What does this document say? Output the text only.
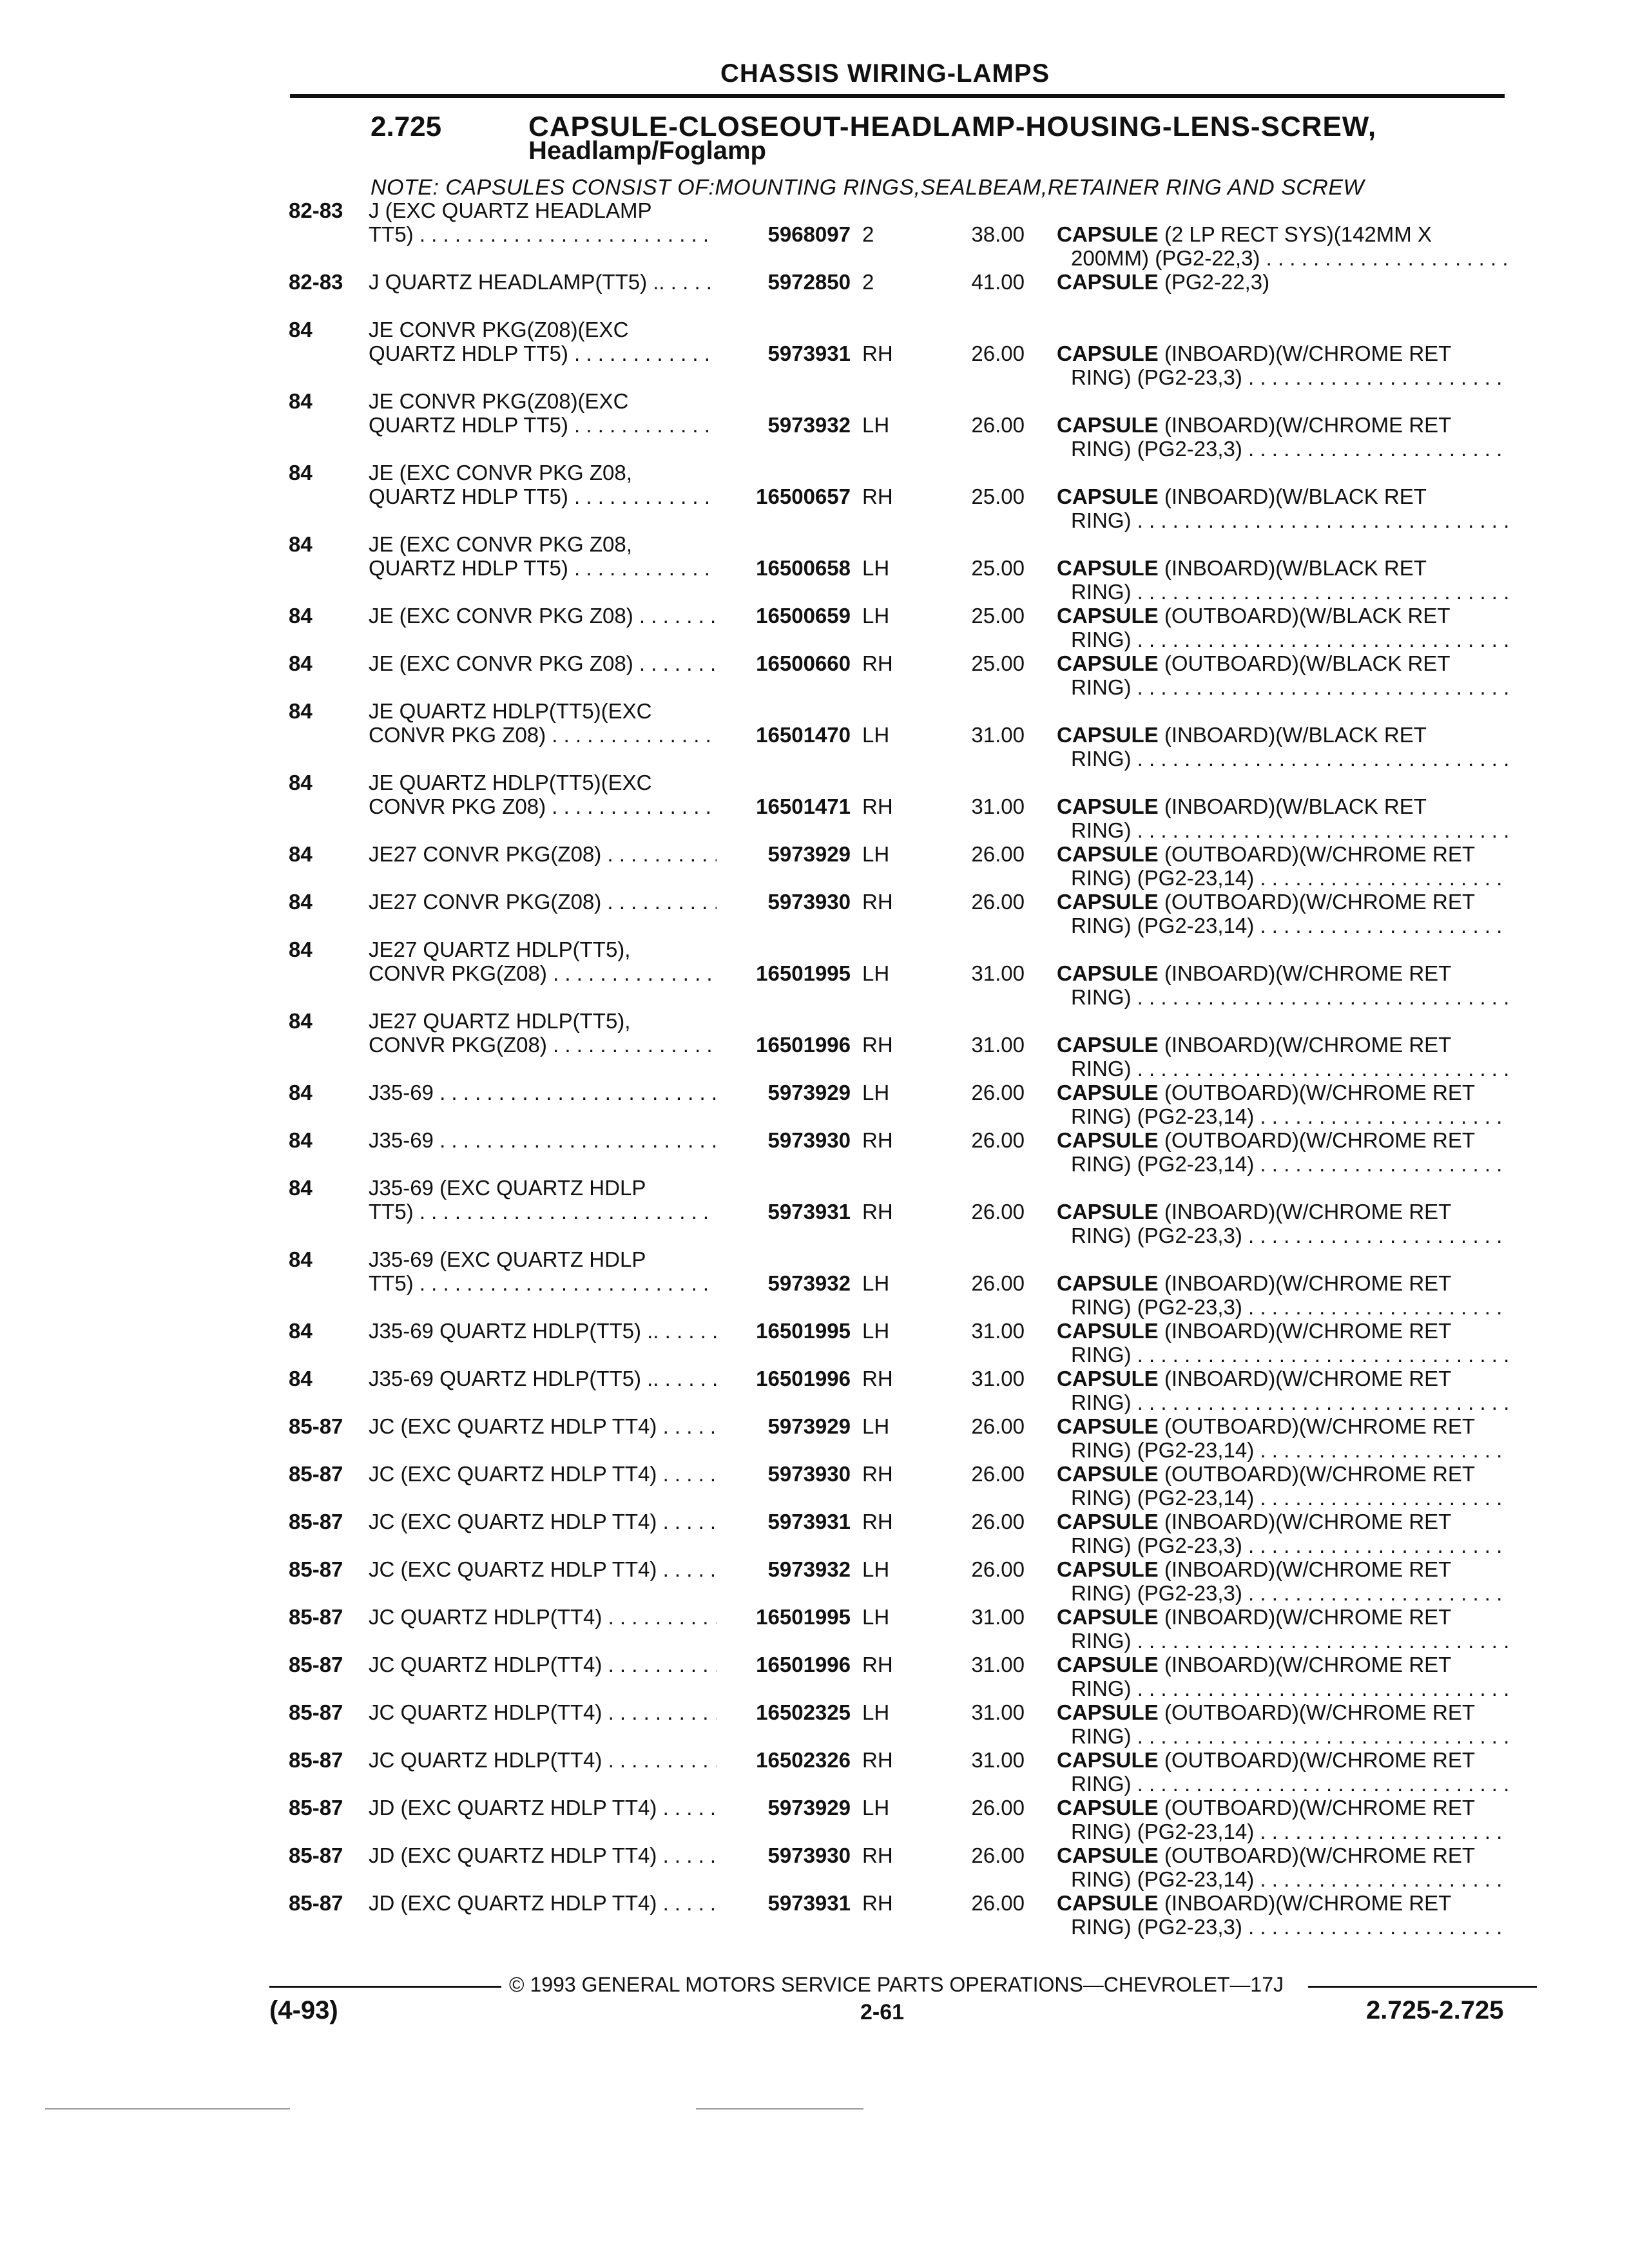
CHASSIS WIRING-LAMPS
2.725	CAPSULE-CLOSEOUT-HEADLAMP-HOUSING-LENS-SCREW,
Headlamp/Foglamp
NOTE: CAPSULES CONSIST OF:MOUNTING RINGS,SEALBEAM,RETAINER RING AND SCREW
82-83	J (EXC QUARTZ HEADLAMP

TT5) . . .	5968097 2	38.00 CAPSULE (2 LP RECT SYS)(142MM X
200MM) (PG2-22,3) . . .
82-83	J QUARTZ HEADLAMP(TT5) .. . . .	5972850 2	41.00 CAPSULE (PG2-22,3)
84	JE CONVR PKG(Z08)(EXC

QUARTZ HDLP TT5) . . .	5973931 RH	26.00 CAPSULE (INBOARD)(W/CHROME RET
RING) (PG2-23,3) . . .
84	JE CONVR PKG(Z08)(EXC

QUARTZ HDLP TT5) . . .	5973932 LH	26.00 CAPSULE (INBOARD)(W/CHROME RET
RING) (PG2-23,3) . . .
84	JE (EXC CONVR PKG Z08,

QUARTZ HDLP TT5) . . .	16500657 RH	25.00 CAPSULE (INBOARD)(W/BLACK RET
RING) . . .
84	JE (EXC CONVR PKG Z08,

QUARTZ HDLP TT5) . . .	16500658 LH	25.00 CAPSULE (INBOARD)(W/BLACK RET
RING) . . .
84	JE (EXC CONVR PKG Z08) . . .	16500659 LH	25.00 CAPSULE (OUTBOARD)(W/BLACK RET
RING) . . .
84	JE (EXC CONVR PKG Z08) . . .	16500660 RH	25.00 CAPSULE (OUTBOARD)(W/BLACK RET
RING) . . .
84	JE QUARTZ HDLP(TT5)(EXC

CONVR PKG Z08) . . .	16501470 LH	31.00 CAPSULE (INBOARD)(W/BLACK RET
RING) . . .
84	JE QUARTZ HDLP(TT5)(EXC

CONVR PKG Z08) . . .	16501471 RH	31.00 CAPSULE (INBOARD)(W/BLACK RET
RING) . . .
84	JE27 CONVR PKG(Z08) . . .	5973929 LH	26.00 CAPSULE (OUTBOARD)(W/CHROME RET
RING) (PG2-23,14) . . .
84	JE27 CONVR PKG(Z08) . . .	5973930 RH	26.00 CAPSULE (OUTBOARD)(W/CHROME RET
RING) (PG2-23,14) . . .
84	JE27 QUARTZ HDLP(TT5),

CONVR PKG(Z08) . . .	16501995 LH	31.00 CAPSULE (INBOARD)(W/CHROME RET
RING) . . .
84	JE27 QUARTZ HDLP(TT5),

CONVR PKG(Z08) . . .	16501996 RH	31.00 CAPSULE (INBOARD)(W/CHROME RET
RING) . . .
84	J35-69 . . .	5973929 LH	26.00 CAPSULE (OUTBOARD)(W/CHROME RET
RING) (PG2-23,14) . . .
84	J35-69 . . .	5973930 RH	26.00 CAPSULE (OUTBOARD)(W/CHROME RET
RING) (PG2-23,14) . . .
84	J35-69 (EXC QUARTZ HDLP

TT5) . . .	5973931 RH	26.00 CAPSULE (INBOARD)(W/CHROME RET
RING) (PG2-23,3) . . .
84	J35-69 (EXC QUARTZ HDLP

TT5) . . .	5973932 LH	26.00 CAPSULE (INBOARD)(W/CHROME RET
RING) (PG2-23,3) . . .
84	J35-69 QUARTZ HDLP(TT5) .. . . .	16501995 LH	31.00 CAPSULE (INBOARD)(W/CHROME RET
RING) . . .
84	J35-69 QUARTZ HDLP(TT5) .. . . .	16501996 RH	31.00 CAPSULE (INBOARD)(W/CHROME RET
RING) . . .
85-87	JC (EXC QUARTZ HDLP TT4) . . . .	5973929 LH	26.00 CAPSULE (OUTBOARD)(W/CHROME RET
RING) (PG2-23,14) . . .
85-87	JC (EXC QUARTZ HDLP TT4) . . . .	5973930 RH	26.00 CAPSULE (OUTBOARD)(W/CHROME RET
RING) (PG2-23,14) . . .
85-87	JC (EXC QUARTZ HDLP TT4) . . . .	5973931 RH	26.00 CAPSULE (INBOARD)(W/CHROME RET
RING) (PG2-23,3) . . .
85-87	JC (EXC QUARTZ HDLP TT4) . . . .	5973932 LH	26.00 CAPSULE (INBOARD)(W/CHROME RET
RING) (PG2-23,3) . . .
85-87	JC QUARTZ HDLP(TT4) . . .	16501995 LH	31.00 CAPSULE (INBOARD)(W/CHROME RET
RING) . . .
85-87	JC QUARTZ HDLP(TT4) . . .	16501996 RH	31.00 CAPSULE (INBOARD)(W/CHROME RET
RING) . . .
85-87	JC QUARTZ HDLP(TT4) . . .	16502325 LH	31.00 CAPSULE (OUTBOARD)(W/CHROME RET
RING) . . .
85-87	JC QUARTZ HDLP(TT4) . . .	16502326 RH	31.00 CAPSULE (OUTBOARD)(W/CHROME RET
RING) . . .
85-87	JD (EXC QUARTZ HDLP TT4) . . . .	5973929 LH	26.00 CAPSULE (OUTBOARD)(W/CHROME RET
RING) (PG2-23,14) . . .
85-87	JD (EXC QUARTZ HDLP TT4) . . . .	5973930 RH	26.00 CAPSULE (OUTBOARD)(W/CHROME RET
RING) (PG2-23,14) . . .
85-87	JD (EXC QUARTZ HDLP TT4) . . . .	5973931 RH	26.00 CAPSULE (INBOARD)(W/CHROME RET
RING) (PG2-23,3) . . .
© 1993 GENERAL MOTORS SERVICE PARTS OPERATIONS—CHEVROLET—17J
(4-93)	2-61	2.725-2.725
